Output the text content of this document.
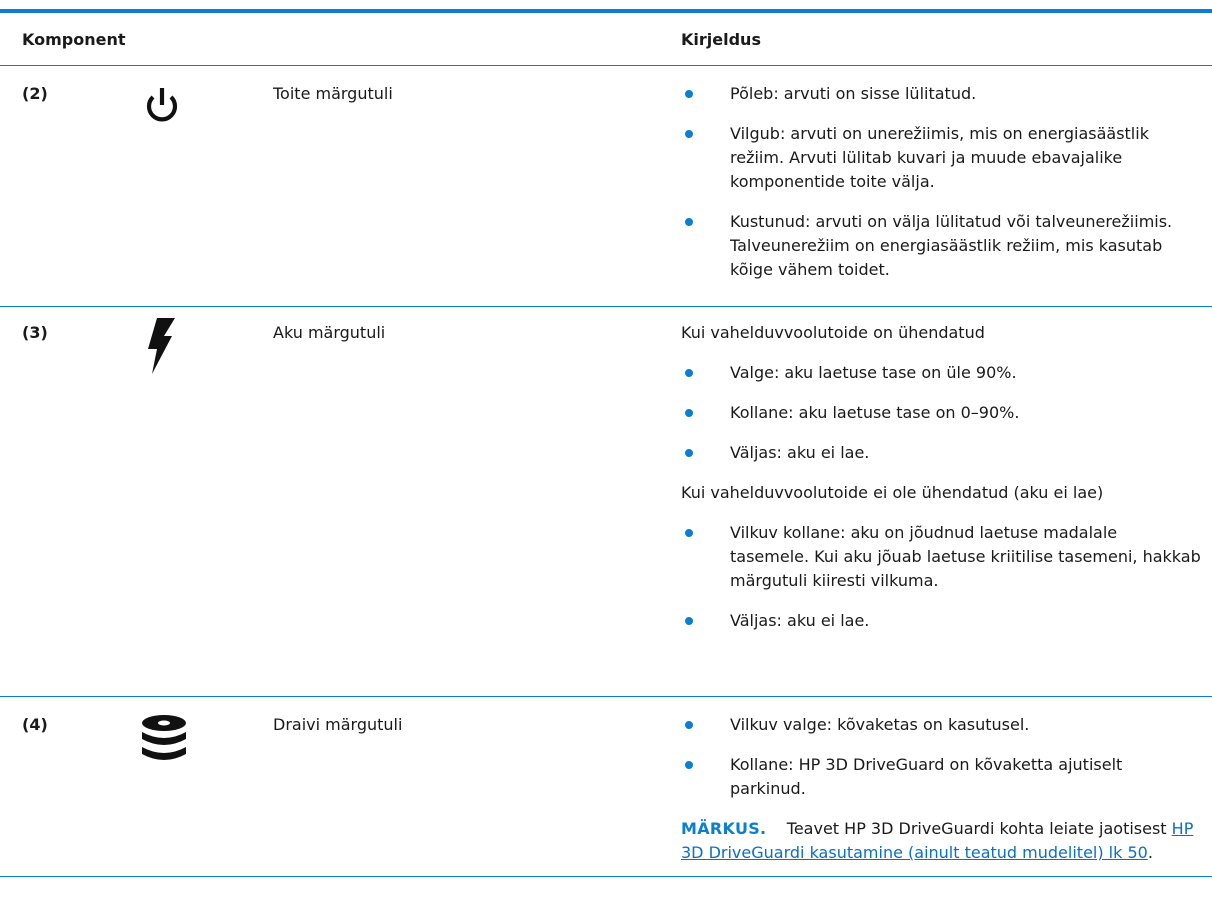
Komponent	Kirjeldus
(2)	Toite märgutuli	Põleb: arvuti on sisse lülitatud.

Vilgub: arvuti on unerežiimis, mis on energiasäästlik režiim. Arvuti lülitab kuvari ja muude ebavajalike komponentide toite välja.

Kustunud: arvuti on välja lülitatud või talveunerežiimis. Talveunerežiim on energiasäästlik režiim, mis kasutab kõige vähem toidet.

(3)	Aku märgutuli	Kui vahelduvvoolutoide on ühendatud

Valge: aku laetuse tase on üle 90%.

Kollane: aku laetuse tase on 0–90%.

Väljas: aku ei lae.

Kui vahelduvvoolutoide ei ole ühendatud (aku ei lae)

Vilkuv kollane: aku on jõudnud laetuse madalale tasemele. Kui aku jõuab laetuse kriitilise tasemeni, hakkab märgutuli kiiresti vilkuma.

Väljas: aku ei lae.

(4)	Draivi märgutuli	Vilkuv valge: kõvaketas on kasutusel.

Kollane: HP 3D DriveGuard on kõvaketta ajutiselt parkinud.

MÄRKUS. Teavet HP 3D DriveGuardi kohta leiate jaotisest HP 3D DriveGuardi kasutamine (ainult teatud mudelitel) lk 50.
